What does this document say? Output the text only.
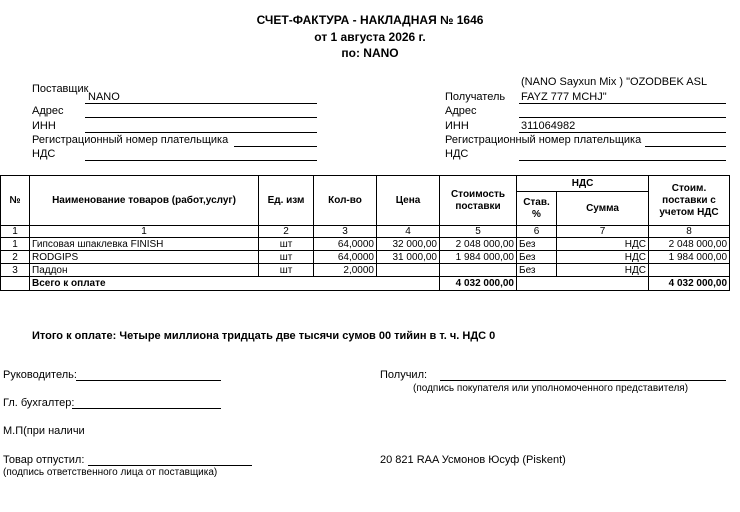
СЧЕТ-ФАКТУРА - НАКЛАДНАЯ № 1646
от 1 августа 2026 г.
по: NANO
Поставщик
NANO
Адрес
ИНН
Регистрационный номер плательщика
НДС
(NANO Sayxun Mix ) "OZODBEK ASL
Получатель FAYZ 777 MCHJ"
Адрес
ИНН	311064982
Регистрационный номер плательщика
НДС
№	Наименование товаров (работ,услуг)	Ед. изм	Кол-во	Цена	Стоимость поставки	НДС		Стоим. поставки с учетом НДС
						Став. %	Сумма	
1	1	2	3	4	5	6	7	8
1	Гипсовая шпаклевка FINISH	шт	64,0000	32 000,00	2 048 000,00	Без	НДС	2 048 000,00
2	RODGIPS	шт	64,0000	31 000,00	1 984 000,00	Без	НДС	1 984 000,00
3	Паддон	шт	2,0000			Без	НДС	
	Всего к оплате				4 032 000,00			4 032 000,00
Итого к оплате: Четыре миллиона тридцать две тысячи сумов 00 тийин в т. ч. НДС 0
Руководитель:
Гл. бухгалтер:
М.П(при наличи
Товар отпустил:
(подпись ответственного лица от поставщика)
Получил:
(подпись покупателя или уполномоченного представителя)
20 821 RAA Усмонов Юсуф (Piskent)
